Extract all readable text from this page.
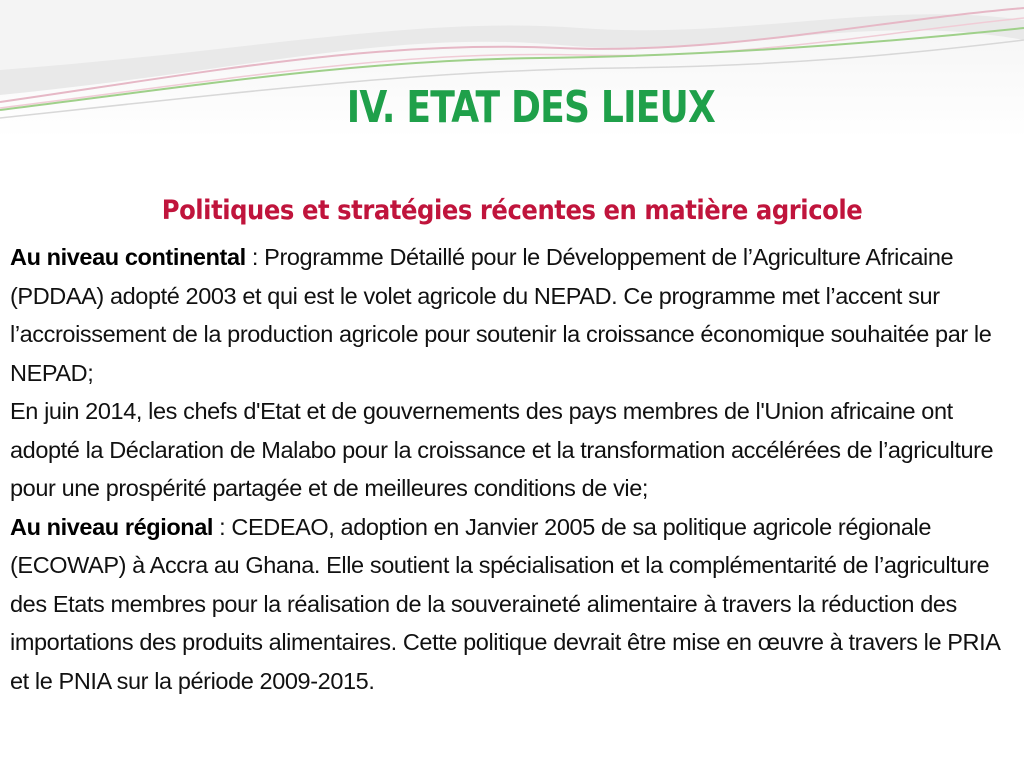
IV. ETAT DES LIEUX
Politiques et stratégies récentes en matière agricole

Au niveau continental : Programme Détaillé pour le Développement de l’Agriculture Africaine (PDDAA) adopté 2003 et qui est le volet agricole du NEPAD. Ce programme met l’accent sur l’accroissement de la production agricole pour soutenir la croissance économique souhaitée par le NEPAD;

En juin 2014, les chefs d'Etat et de gouvernements des pays membres de l'Union africaine ont adopté la Déclaration de Malabo pour la croissance et la transformation accélérées de l’agriculture pour une prospérité partagée et de meilleures conditions de vie;

Au niveau régional : CEDEAO, adoption en Janvier 2005 de sa politique agricole régionale (ECOWAP) à Accra au Ghana. Elle soutient la spécialisation et la complémentarité de l’agriculture des Etats membres pour la réalisation de la souveraineté alimentaire à travers la réduction des importations des produits alimentaires. Cette politique devrait être mise en œuvre à travers le PRIA et le PNIA sur la période 2009-2015.
